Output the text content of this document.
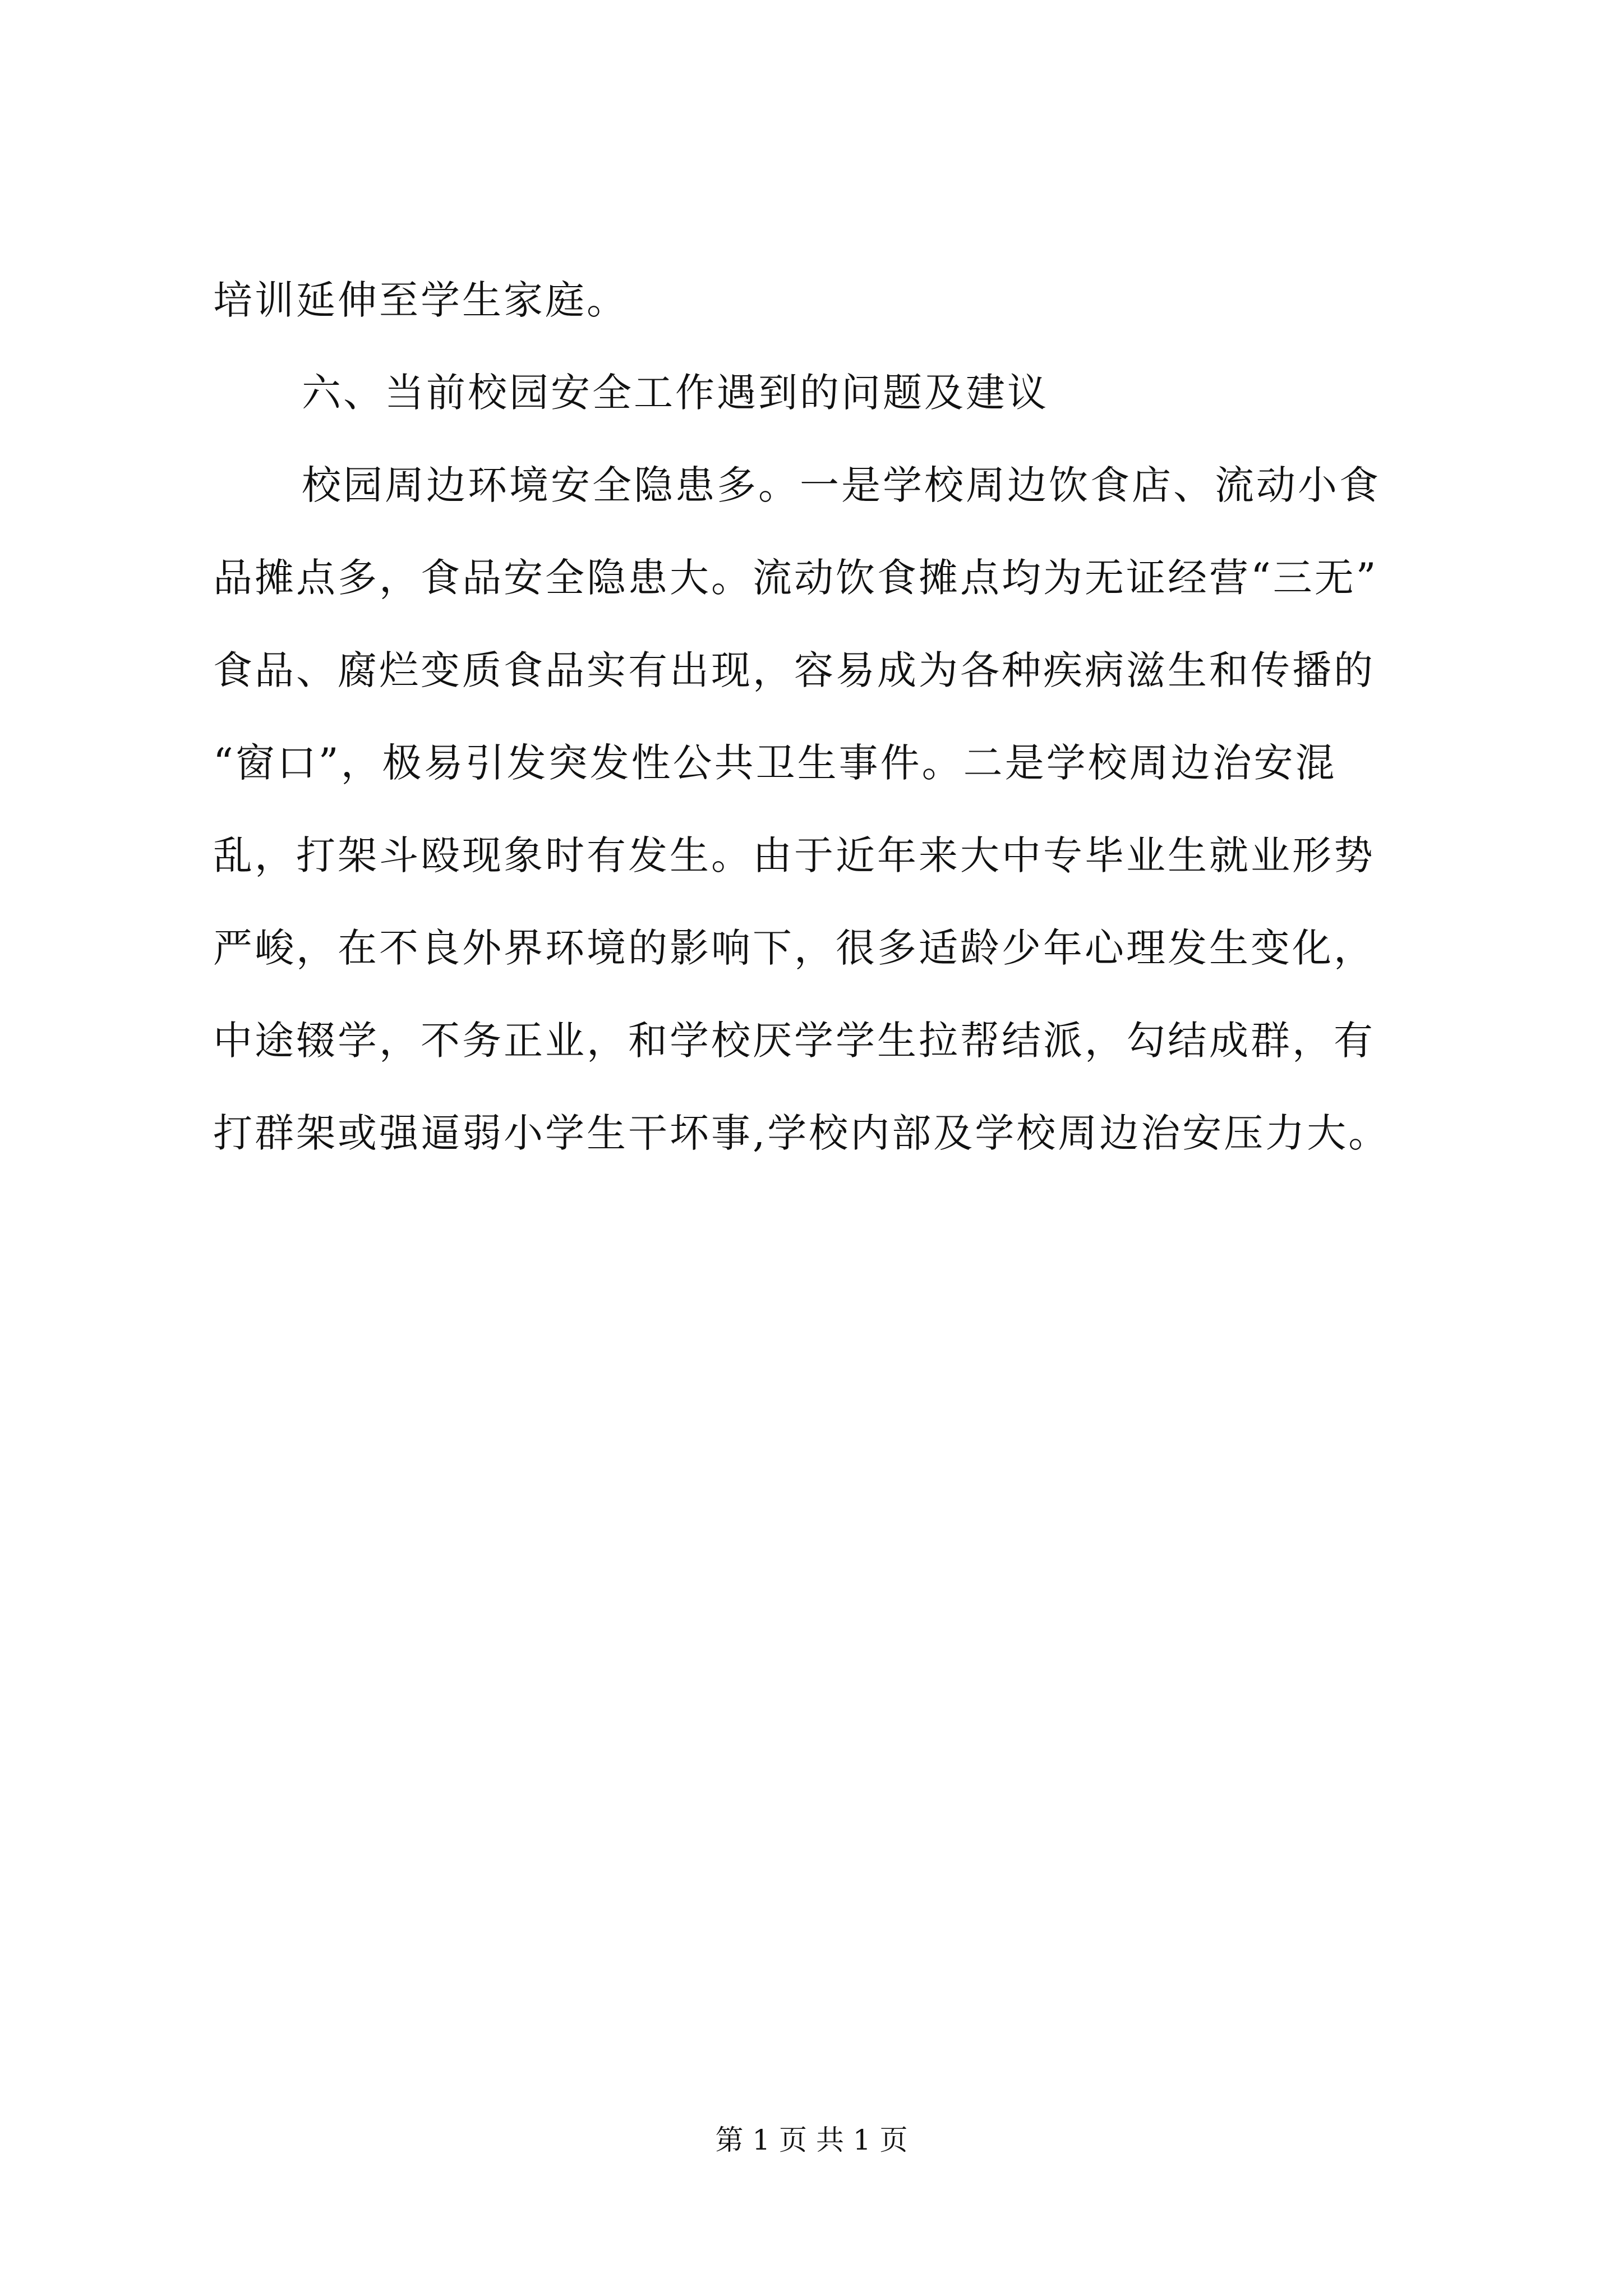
培训延伸至学生家庭。

六、当前校园安全工作遇到的问题及建议

校园周边环境安全隐患多。一是学校周边饮食店、流动小食

品摊点多，食品安全隐患大。流动饮食摊点均为无证经营“三无”

食品、腐烂变质食品实有出现，容易成为各种疾病滋生和传播的

“窗口”，极易引发突发性公共卫生事件。二是学校周边治安混

乱，打架斗殴现象时有发生。由于近年来大中专毕业生就业形势

严峻，在不良外界环境的影响下，很多适龄少年心理发生变化，

中途辍学，不务正业，和学校厌学学生拉帮结派，勾结成群，有

打群架或强逼弱小学生干坏事,学校内部及学校周边治安压力大。

第 1 页 共 1 页
